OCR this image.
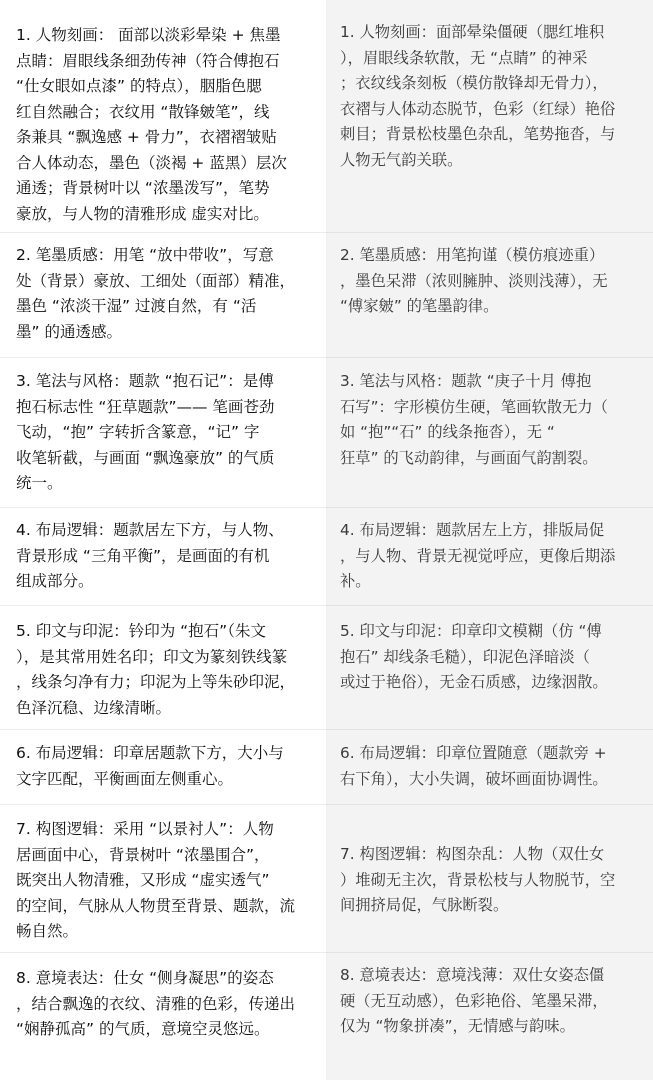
1. 人物刻画： 面部以淡彩晕染 + 焦墨
点睛：眉眼线条细劲传神（符合傅抱石
“仕女眼如点漆” 的特点），胭脂色腮
红自然融合；衣纹用 “散锋皴笔”，线
条兼具 “飘逸感 + 骨力”，衣褶褶皱贴
合人体动态，墨色（淡褐 + 蓝黑）层次
通透；背景树叶以 “浓墨泼写”，笔势
豪放，与人物的清雅形成 虚实对比。
2. 笔墨质感：用笔 “放中带收”，写意
处（背景）豪放、工细处（面部）精准，
墨色 “浓淡干湿” 过渡自然，有 “活
墨” 的通透感。
3. 笔法与风格：题款 “抱石记”：是傅
抱石标志性 “狂草题款”—— 笔画苍劲
飞动，“抱” 字转折含篆意，“记” 字
收笔斩截，与画面 “飘逸豪放” 的气质
统一。
4. 布局逻辑：题款居左下方，与人物、
背景形成 “三角平衡”，是画面的有机
组成部分。
5. 印文与印泥：钤印为 “抱石”（朱文
），是其常用姓名印；印文为篆刻铁线篆
，线条匀净有力；印泥为上等朱砂印泥，
色泽沉稳、边缘清晰。
6. 布局逻辑：印章居题款下方，大小与
文字匹配，平衡画面左侧重心。
7. 构图逻辑：采用 “以景衬人”：人物
居画面中心，背景树叶 “浓墨围合”，
既突出人物清雅，又形成 “虚实透气”
的空间，气脉从人物贯至背景、题款，流
畅自然。
8. 意境表达：仕女 “侧身凝思”的姿态
，结合飘逸的衣纹、清雅的色彩，传递出
“娴静孤高” 的气质，意境空灵悠远。
1. 人物刻画：面部晕染僵硬（腮红堆积
），眉眼线条软散，无 “点睛” 的神采
；衣纹线条刻板（模仿散锋却无骨力），
衣褶与人体动态脱节，色彩（红绿）艳俗
刺目；背景松枝墨色杂乱，笔势拖沓，与
人物无气韵关联。
2. 笔墨质感：用笔拘谨（模仿痕迹重）
，墨色呆滞（浓则臃肿、淡则浅薄），无
“傅家皴” 的笔墨韵律。
3. 笔法与风格：题款 “庚子十月 傅抱
石写”：字形模仿生硬，笔画软散无力（
如 “抱”“石” 的线条拖沓），无 “
狂草” 的飞动韵律，与画面气韵割裂。
4. 布局逻辑：题款居左上方，排版局促
，与人物、背景无视觉呼应，更像后期添
补。
5. 印文与印泥：印章印文模糊（仿 “傅
抱石” 却线条毛糙），印泥色泽暗淡（
或过于艳俗），无金石质感，边缘洇散。
6. 布局逻辑：印章位置随意（题款旁 +
右下角），大小失调，破坏画面协调性。
7. 构图逻辑：构图杂乱：人物（双仕女
）堆砌无主次，背景松枝与人物脱节，空
间拥挤局促，气脉断裂。
8. 意境表达：意境浅薄：双仕女姿态僵
硬（无互动感），色彩艳俗、笔墨呆滞，
仅为 “物象拼凑”，无情感与韵味。
